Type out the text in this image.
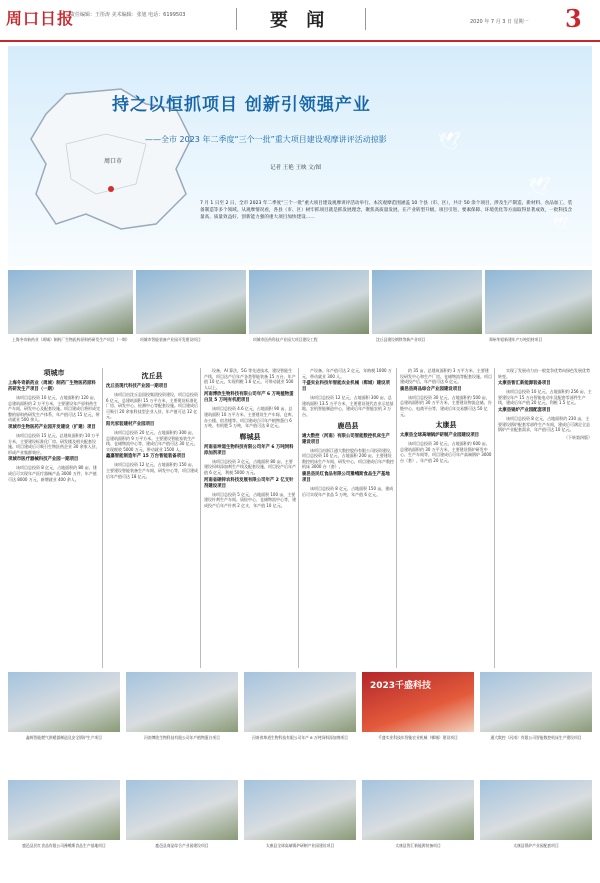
周口日报
责任编辑：王彤涛 美术编辑：张旭 电话：6199503	要 闻	2020 年 7 月 3 日 星期一 3
周口市
🕊
🕊
🕊
持之以恒抓项目 创新引领强产业
——全市 2023 年二季度“三个一批”重大项目建设观摩讲评活动掠影
记者 王艳 王映 文/图
7 月 1 日至 2 日，全市 2023 年二季度“三个一批”重大项目建设观摩讲评活动举行。本次观摩范围涵盖 10 个县（市、区），共计 50 余个项目，涉及生产制造、新材料、食品加工、装备制造等多个领域。从观摩情况看，各县（市、区）树牢抓项目就是抓发展理念，聚焦高质量发展，在产业转型升级、项目引进、要素保障、环境优化等方面取得显著成效，一批科技含量高、质量效益好、创新能力强的重大项目加快建设……
上海冬奇新药业（周城）制药厂生物医药原料药研发生产项目（一期）	项城市智能装备产业园开发建设项目	项城市医药科技产业园大项目建设工程	沈丘县建设钢铁等新产业项目	郑州华铝新建年产万吨铝材项目
项城市
上海冬奇新药业（周城）制药厂生物医药原料药研发生产项目（一期）

该项目总投资 10 亿元，占地面积约 120 亩，总建筑面积约 2 万平方米，主要建设年产原料药生产车间、研发中心及配套设施。项目建成后将形成完整的原料药研发生产体系，年产值可达 15 亿元，带动就业 500 余人。

项城市生物医药产业园开发建设（扩建）项目

该项目总投资 15 亿元，总建筑面积约 10 万平方米，主要建设标准化厂房、研发楼及相关配套设施。项目建成后可吸引生物医药企业 30 余家入驻，形成产业集群效应。

项城市医疗器械科技产业园一期项目

该项目总投资 8 亿元，占地面积约 80 亩，建成后可实现年产医疗器械产品 3000 万件，年产值可达 8000 万元，新增就业 400 余人。

沈丘县
沈丘县现代科技产业园一期项目

该项目由沈丘县国投集团投资建设，项目总投资 6 亿元，总建筑面积 15 万平方米，主要建设标准化厂房、研发中心、检测中心等配套设施。项目建成后可吸引 20 余家科技型企业入驻，年产值可达 12 亿元。

阳光家装建材产业园项目

该项目总投资 20 亿元，占地面积约 300 亩，总建筑面积约 9 万平方米。主要建设智能家装生产线、仓储物流中心等，建成后年产值可达 30 亿元，实现税收 5000 万元，带动就业 1500 人。

鑫嘉智能制造年产 15 万台智能装备项目

该项目总投资 12 亿元，占地面积约 150 亩，主要建设智能装备生产车间、研发中心等，项目建成后年产值可达 18 亿元。

设备，AI 算法，5G 等先进技术，建设智能生产线，项目达产后年产各类智能装备 15 万台，年产值 10 亿元，实现利税 1.6 亿元，可带动就业 500 人以上。

河南博欣生物科技有限公司年产 6 万吨植物蛋白及 5 万吨有机肥项目

该项目总投资 4.6 亿元，占地面积 90 亩，总建筑面积 10 万平方米，主要建设生产车间、仓库、办公楼、宿舍楼等。项目建成后可年产植物蛋白 6 万吨、有机肥 5 万吨，年产值可达 8 亿元。

郸城县
河南省坤道生物科技有限公司年产 6 万吨饲料添加剂项目

该项目总投资 3 亿元，占地面积 80 亩，主要建设饲料添加剂生产线及配套设施，项目投产后年产值 6 亿元，利税 5000 万元。

河南省硒锌农科技发展有限公司年产 2 亿支针剂建设项目

该项目总投资 5 亿元，占地面积 100 亩，主要建设针剂生产车间、质检中心、仓储物流中心等，建成投产后年产针剂 2 亿支，年产值 10 亿元。

产设备。年产值可达 2 亿元，年纳税 1000 万元，带动就业 300 人。

千盛实业科技年智能农业机械（郸城）建设项目

该项目总投资 12 亿元，占地面积 300 亩，总建筑面积 13.5 万平方米，主要建设现代农业示范基地、农机智能制造中心，建成后年产智能农机 3 万台。

鹿邑县
通大数控（河南）有限公司智能数控机床生产建设项目

该项目由浙江通大数控股份有限公司投资建设，项目总投资 10 亿元，占地面积 200 亩，主要建设数控机床生产车间、研发中心，项目建成后年产数控机床 3000 台（套）。

鹿邑县民红食品有限公司豫峨斯食品生产基地项目

该项目总投资 8 亿元，占地面积 150 亩，建成后可实现年产食品 5 万吨，年产值 6 亿元。

约 35 亩，总建筑面积约 3 万平方米，主要建设研发中心和生产厂房、仓储物流等配套设施。项目建成投产后，年产值可达 6 亿元。

鹿邑县商品综合产业园建设项目

该项目总投资 30 亿元，占地面积约 500 亩，总建筑面积约 30 万平方米，主要建设物流仓储、冷链中心、电商平台等，建成后年交易额可达 50 亿元。

太康县
太康县全球高端锅炉研制产业园建设项目

该项目总投资 30 亿元，占地面积约 600 亩，总建筑面积约 30 万平方米，主要建设锅炉研发中心、生产车间等，项目建成后可年产高端锅炉 3000 台（套），年产值 20 亿元。

实现了发展动力由一般竞争优势向绿色发展优势转变。

太康县智汇新能源装备项目

该项目总投资 10 亿元，占地面积约 256 亩，主要建设年产 15 万台智能电动车及配套零部件生产线，建成后年产值 20 亿元，利税 1.5 亿元。

太康县锅炉产业园配套项目

该项目总投资 8 亿元，占地面积约 230 亩，主要建设锅炉配套零部件生产车间，建成后可满足全县锅炉产业配套需求，年产值可达 10 亿元。

（下转第四版）

鑫辉智能燃气供暖器制造及安全锅炉生产项目	河南博欣生物科技有限公司年产植物蛋白项目	河南省坤道生物科技有限公司年产 6 万吨饲料添加剂项目
2023千盛科技
千盛实业科技年智能农业机械（郸城）建设项目	通大数控（河南）有限公司智能数控机床生产建设项目
鹿邑县民红食品有限公司豫峨斯食品生产基地项目	鹿邑县商品综合产业园建设项目	太康县全球高端锅炉研制产业园建设项目	太康县智汇新能源装备项目	太康县锅炉产业园配套项目
